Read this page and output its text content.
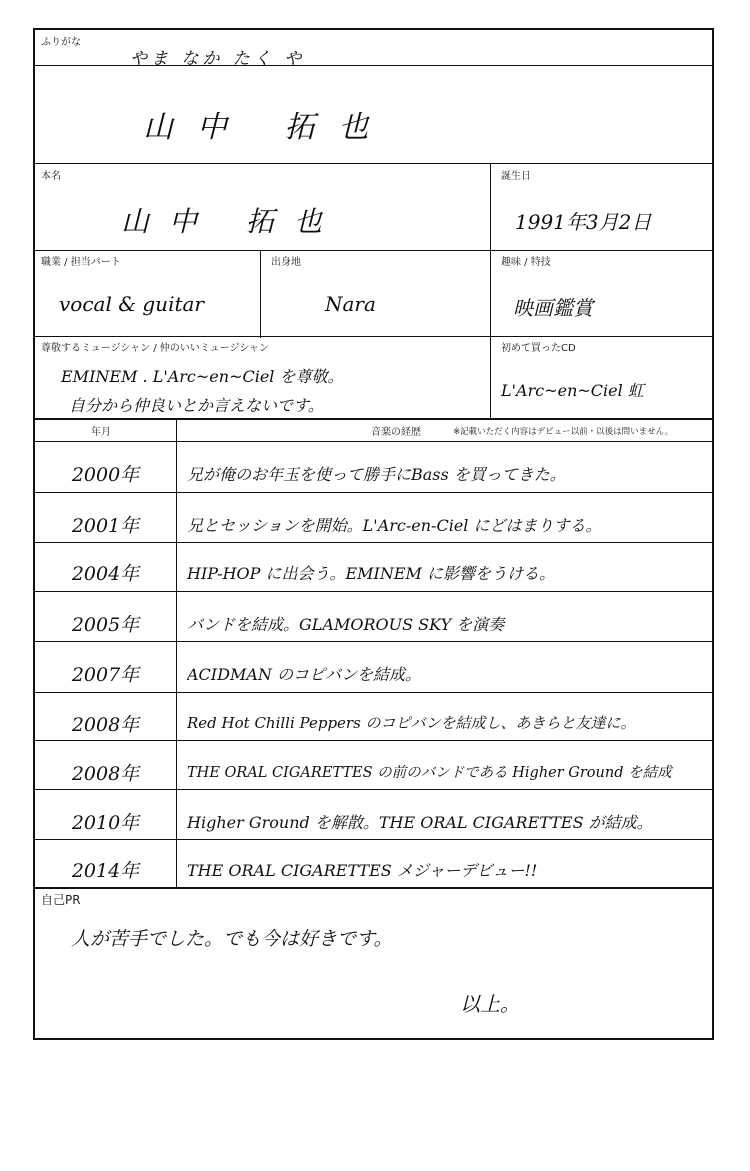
ふりがな
やま なか たく や
山中 拓也
本名
山中 拓也
誕生日
1991年3月2日
職業 / 担当パート
vocal & guitar
出身地
Nara
趣味 / 特技
映画鑑賞
尊敬するミュージシャン / 仲のいいミュージシャン
EMINEM . L'Arc~en~Ciel を尊敬。
自分から仲良いとか言えないです。
初めて買ったCD
L'Arc~en~Ciel 虹
年月	音楽の経歴	※記載いただく内容はデビュー以前・以後は問いません。
2000年	兄が俺のお年玉を使って勝手にBass を買ってきた。
2001年	兄とセッションを開始。L'Arc-en-Ciel にどはまりする。
2004年	HIP-HOP に出会う。EMINEM に影響をうける。
2005年	バンドを結成。GLAMOROUS SKY を演奏
2007年	ACIDMAN のコピバンを結成。
2008年	Red Hot Chilli Peppers のコピバンを結成し、あきらと友達に。
2008年	THE ORAL CIGARETTES の前のバンドである Higher Ground を結成
2010年	Higher Ground を解散。THE ORAL CIGARETTES が結成。
2014年	THE ORAL CIGARETTES メジャーデビュー!!
自己PR
人が苦手でした。でも今は好きです。
以上。
